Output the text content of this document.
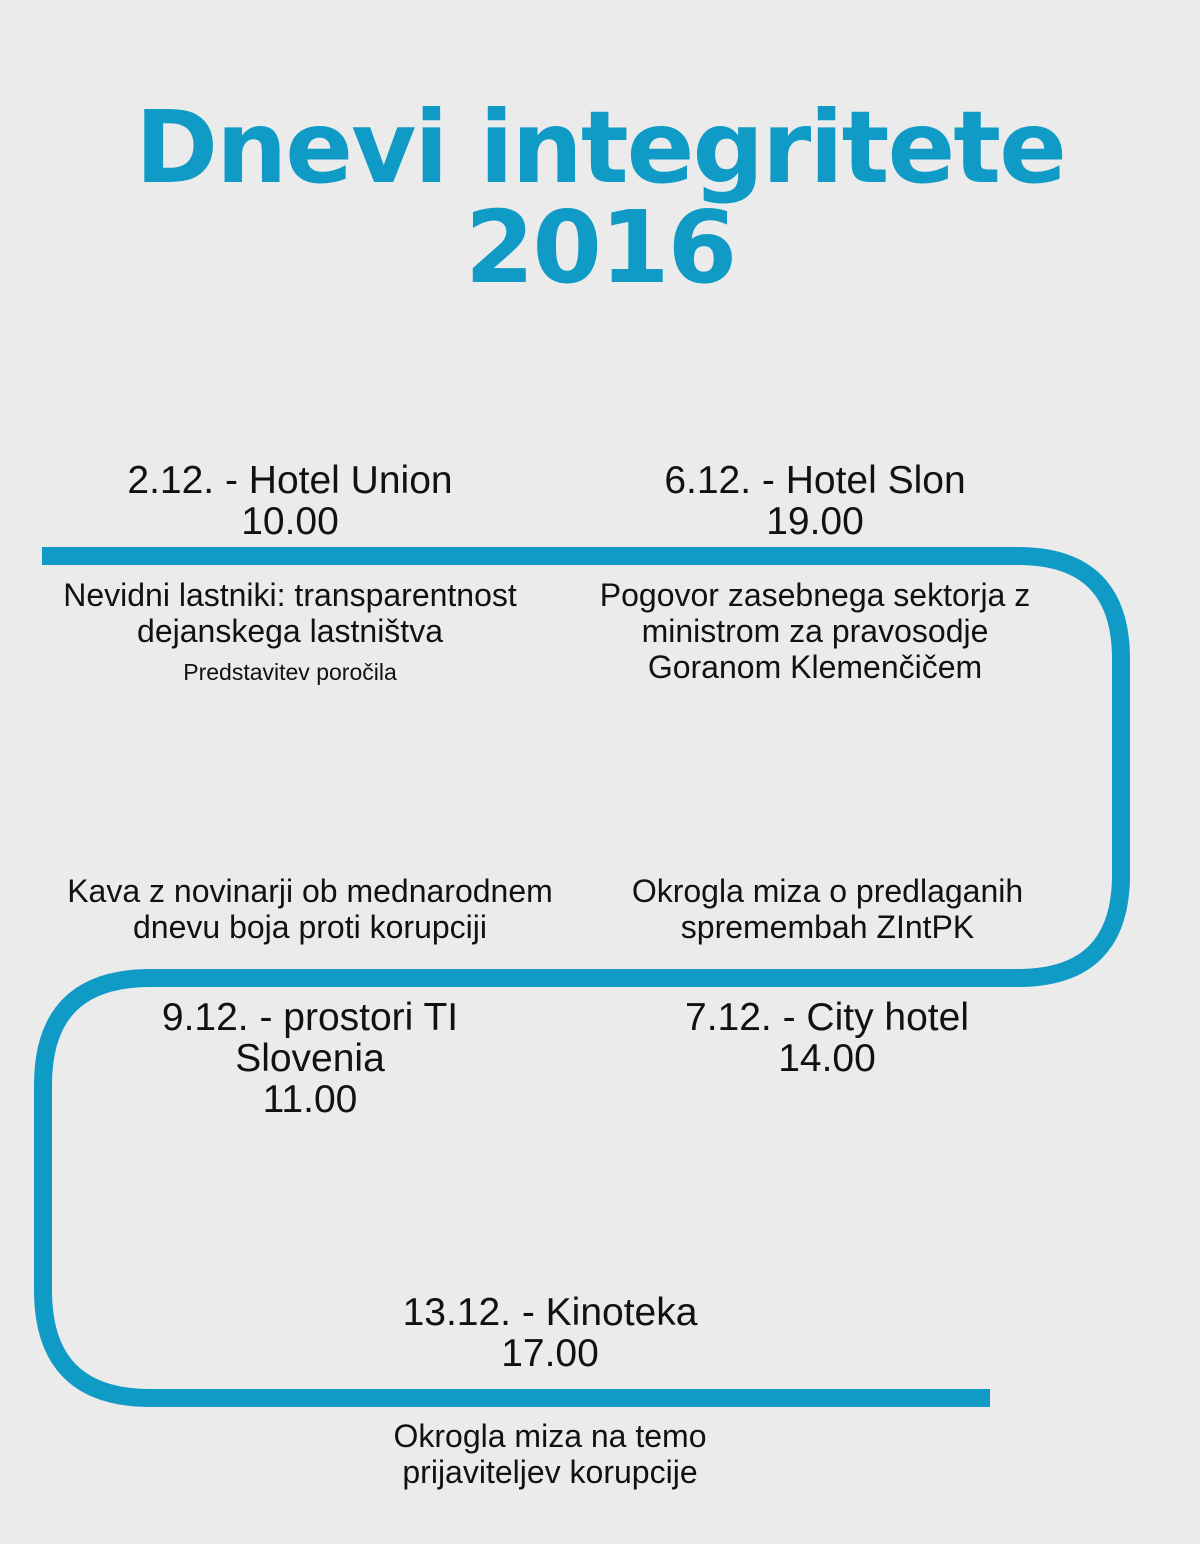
Dnevi integritete
2016
2.12. - Hotel Union
10.00
Nevidni lastniki: transparentnost
dejanskega lastništva
Predstavitev poročila
6.12. - Hotel Slon
19.00
Pogovor zasebnega sektorja z
ministrom za pravosodje
Goranom Klemenčičem
Kava z novinarji ob mednarodnem
dnevu boja proti korupciji
Okrogla miza o predlaganih
spremembah ZIntPK
9.12. - prostori TI
Slovenia
11.00
7.12. - City hotel
14.00
13.12. - Kinoteka
17.00
Okrogla miza na temo
prijaviteljev korupcije
